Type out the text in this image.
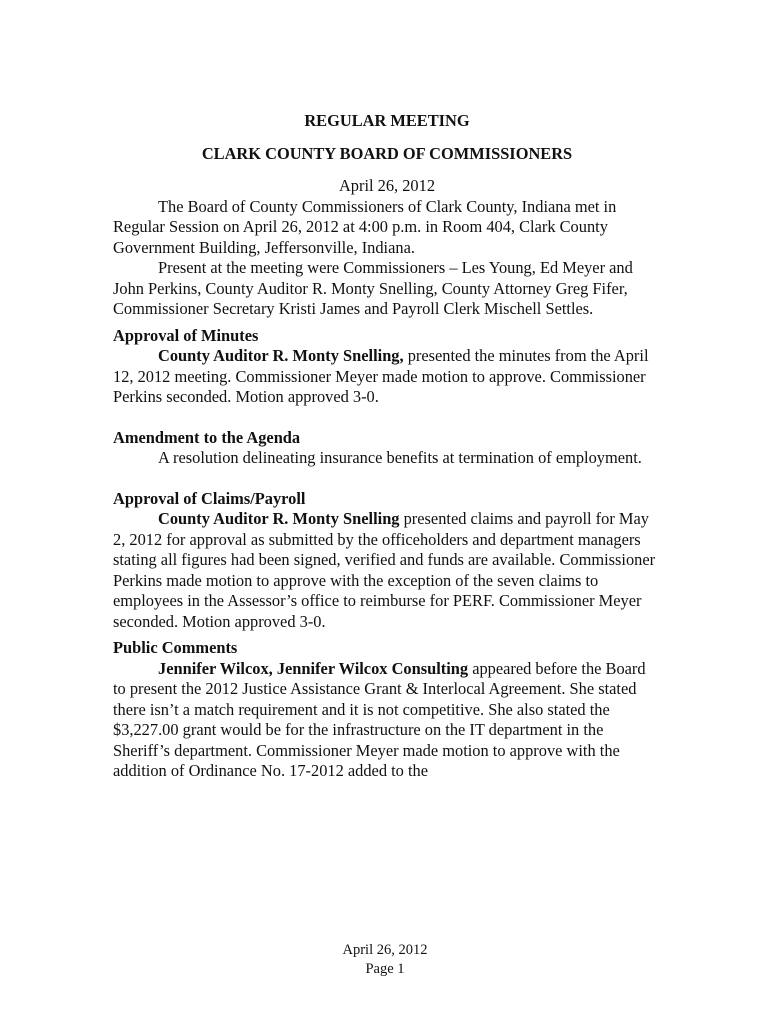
REGULAR MEETING

CLARK COUNTY BOARD OF COMMISSIONERS

April 26, 2012

The Board of County Commissioners of Clark County, Indiana met in Regular Session on April 26, 2012 at 4:00 p.m. in Room 404, Clark County Government Building, Jeffersonville, Indiana.

Present at the meeting were Commissioners – Les Young, Ed Meyer and John Perkins, County Auditor R. Monty Snelling, County Attorney Greg Fifer, Commissioner Secretary Kristi James and Payroll Clerk Mischell Settles.

Approval of Minutes

County Auditor R. Monty Snelling, presented the minutes from the April 12, 2012 meeting. Commissioner Meyer made motion to approve. Commissioner Perkins seconded. Motion approved 3-0.

Amendment to the Agenda

A resolution delineating insurance benefits at termination of employment.

Approval of Claims/Payroll

County Auditor R. Monty Snelling presented claims and payroll for May 2, 2012 for approval as submitted by the officeholders and department managers stating all figures had been signed, verified and funds are available. Commissioner Perkins made motion to approve with the exception of the seven claims to employees in the Assessor’s office to reimburse for PERF. Commissioner Meyer seconded. Motion approved 3-0.

Public Comments

Jennifer Wilcox, Jennifer Wilcox Consulting appeared before the Board to present the 2012 Justice Assistance Grant & Interlocal Agreement. She stated there isn’t a match requirement and it is not competitive. She also stated the $3,227.00 grant would be for the infrastructure on the IT department in the Sheriff’s department. Commissioner Meyer made motion to approve with the addition of Ordinance No. 17-2012 added to the

April 26, 2012
Page 1
